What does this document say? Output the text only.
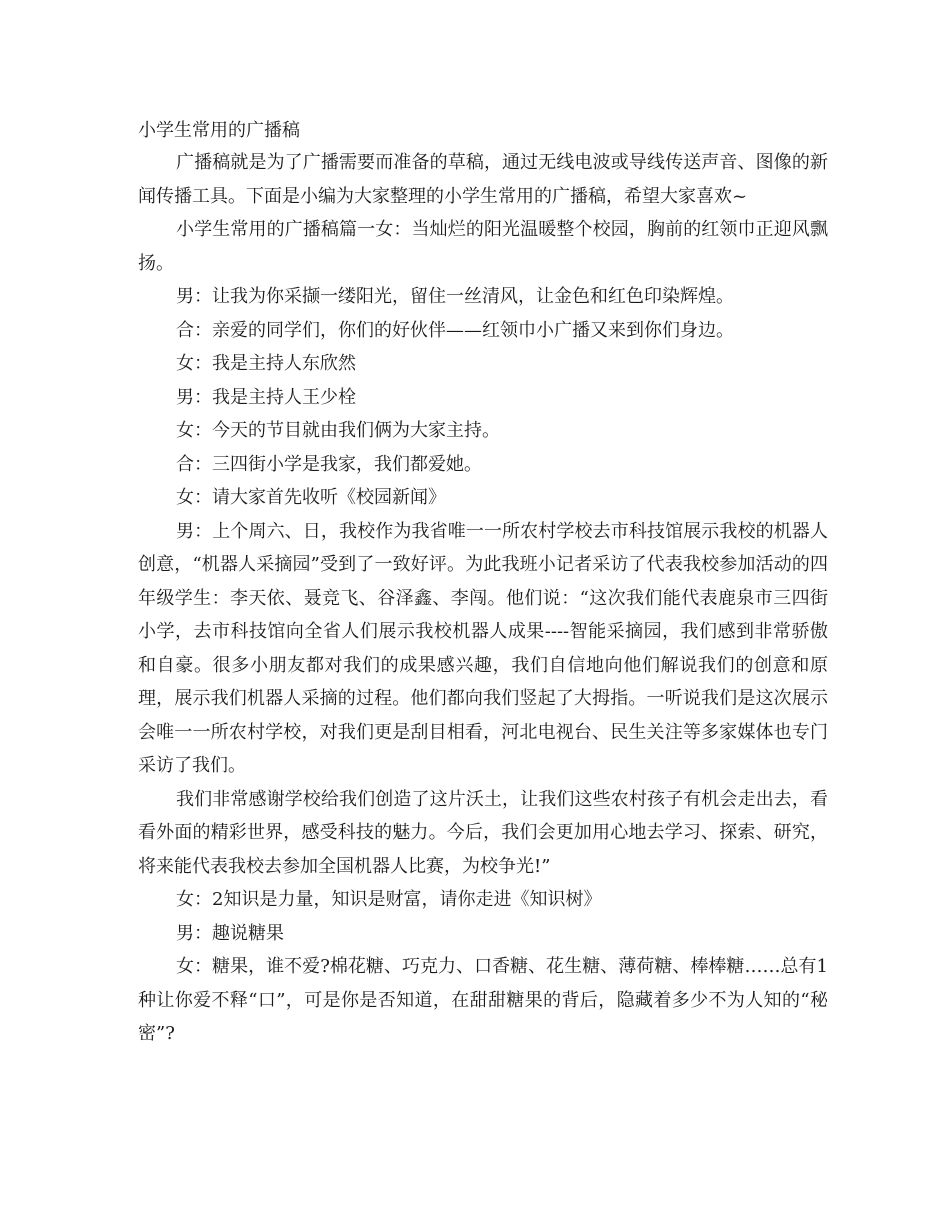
小学生常用的广播稿

广播稿就是为了广播需要而准备的草稿，通过无线电波或导线传送声音、图像的新闻传播工具。下面是小编为大家整理的小学生常用的广播稿，希望大家喜欢~

小学生常用的广播稿篇一女：当灿烂的阳光温暖整个校园，胸前的红领巾正迎风飘扬。

男：让我为你采撷一缕阳光，留住一丝清风，让金色和红色印染辉煌。

合：亲爱的同学们，你们的好伙伴——红领巾小广播又来到你们身边。

女：我是主持人东欣然

男：我是主持人王少栓

女：今天的节目就由我们俩为大家主持。

合：三四街小学是我家，我们都爱她。

女：请大家首先收听《校园新闻》

男：上个周六、日，我校作为我省唯一一所农村学校去市科技馆展示我校的机器人创意，“机器人采摘园”受到了一致好评。为此我班小记者采访了代表我校参加活动的四年级学生：李天依、聂竞飞、谷泽鑫、李闯。他们说：“这次我们能代表鹿泉市三四街小学，去市科技馆向全省人们展示我校机器人成果----智能采摘园，我们感到非常骄傲和自豪。很多小朋友都对我们的成果感兴趣，我们自信地向他们解说我们的创意和原理，展示我们机器人采摘的过程。他们都向我们竖起了大拇指。一听说我们是这次展示会唯一一所农村学校，对我们更是刮目相看，河北电视台、民生关注等多家媒体也专门采访了我们。

我们非常感谢学校给我们创造了这片沃土，让我们这些农村孩子有机会走出去，看看外面的精彩世界，感受科技的魅力。今后，我们会更加用心地去学习、探索、研究，将来能代表我校去参加全国机器人比赛，为校争光!”

女：2知识是力量，知识是财富，请你走进《知识树》

男：趣说糖果

女：糖果，谁不爱?棉花糖、巧克力、口香糖、花生糖、薄荷糖、棒棒糖……总有1种让你爱不释“口”，可是你是否知道，在甜甜糖果的背后，隐藏着多少不为人知的“秘密”?
